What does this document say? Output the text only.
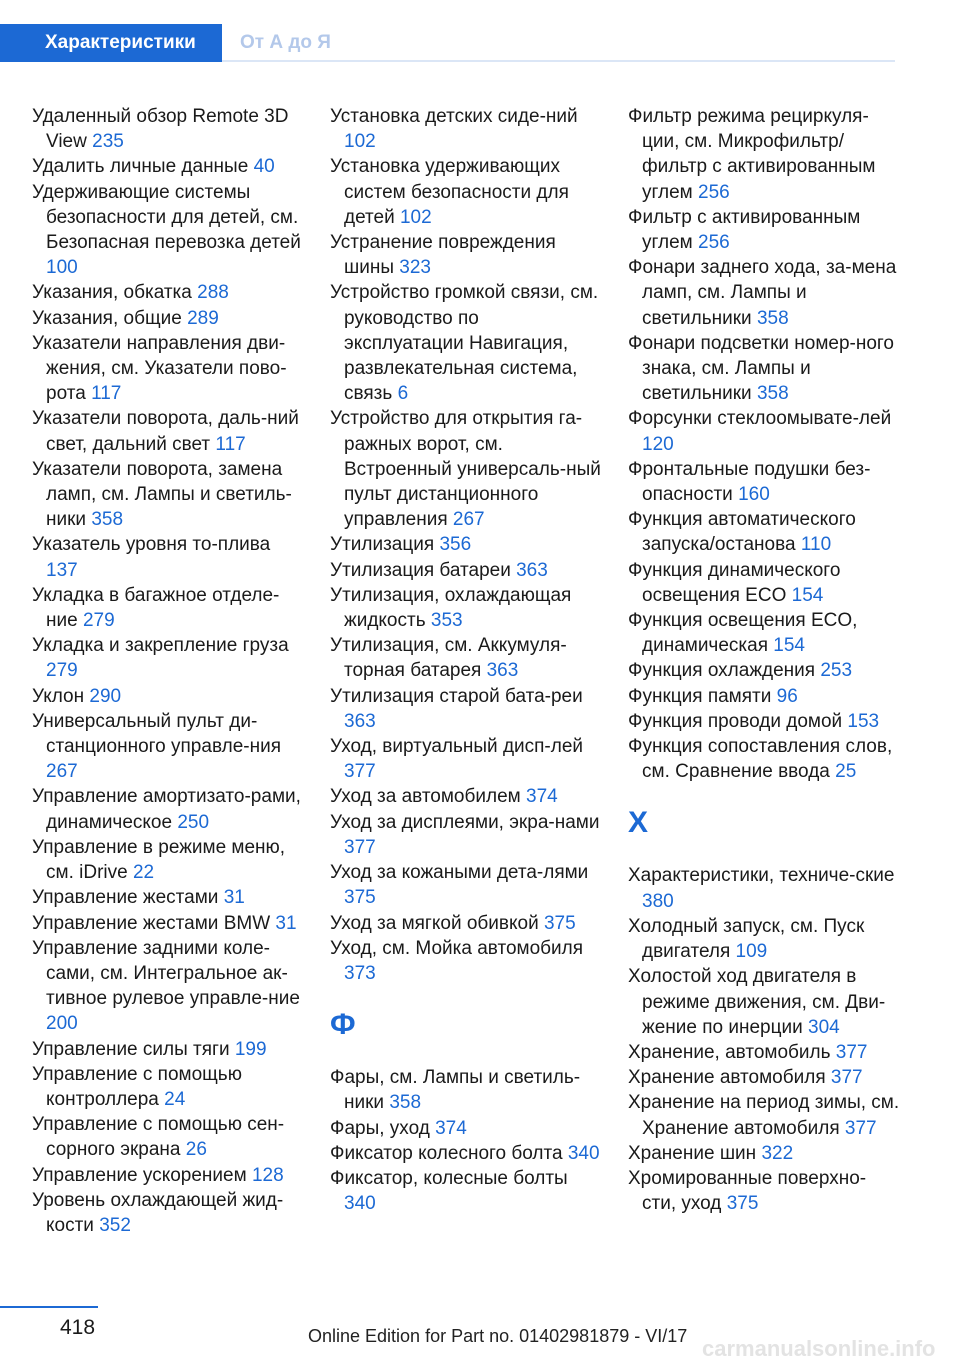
Характеристики	От А до Я

Удаленный обзор Remote 3D View 235

Удалить личные данные 40

Удерживающие системы безопасности для детей, см. Безопасная перевозка детей 100

Указания, обкатка 288

Указания, общие 289

Указатели направления дви-жения, см. Указатели пово-рота 117

Указатели поворота, даль-ний свет, дальний свет 117

Указатели поворота, замена ламп, см. Лампы и светиль-ники 358

Указатель уровня то-плива 137

Укладка в багажное отделе-ние 279

Укладка и закрепление груза 279

Уклон 290

Универсальный пульт ди-станционного управле-ния 267

Управление амортизато-рами, динамическое 250

Управление в режиме меню, см. iDrive 22

Управление жестами 31

Управление жестами BMW 31

Управление задними коле-сами, см. Интегральное ак-тивное рулевое управле-ние 200

Управление силы тяги 199

Управление с помощью контроллера 24

Управление с помощью сен-сорного экрана 26

Управление ускорением 128

Уровень охлаждающей жид-кости 352

Установка детских сиде-ний 102

Установка удерживающих систем безопасности для детей 102

Устранение повреждения шины 323

Устройство громкой связи, см. руководство по эксплуатации Навигация, развлекательная система, связь 6

Устройство для открытия га-ражных ворот, см. Встроенный универсаль-ный пульт дистанционного управления 267

Утилизация 356

Утилизация батареи 363

Утилизация, охлаждающая жидкость 353

Утилизация, см. Аккумуля-торная батарея 363

Утилизация старой бата-реи 363

Уход, виртуальный дисп-лей 377

Уход за автомобилем 374

Уход за дисплеями, экра-нами 377

Уход за кожаными дета-лями 375

Уход за мягкой обивкой 375

Уход, см. Мойка автомобиля 373

Ф

Фары, см. Лампы и светиль-ники 358

Фары, уход 374

Фиксатор колесного болта 340

Фиксатор, колесные болты 340

Фильтр режима рециркуля-ции, см. Микрофильтр/ фильтр с активированным углем 256

Фильтр с активированным углем 256

Фонари заднего хода, за-мена ламп, см. Лампы и светильники 358

Фонари подсветки номер-ного знака, см. Лампы и светильники 358

Форсунки стеклоомывате-лей 120

Фронтальные подушки без-опасности 160

Функция автоматического запуска/останова 110

Функция динамического освещения ECO 154

Функция освещения ECO, динамическая 154

Функция охлаждения 253

Функция памяти 96

Функция проводи домой 153

Функция сопоставления слов, см. Сравнение ввода 25

Х

Характеристики, техниче-ские 380

Холодный запуск, см. Пуск двигателя 109

Холостой ход двигателя в режиме движения, см. Дви-жение по инерции 304

Хранение, автомобиль 377

Хранение автомобиля 377

Хранение на период зимы, см. Хранение автомобиля 377

Хранение шин 322

Хромированные поверхно-сти, уход 375

418	Online Edition for Part no. 01402981879 - VI/17 carmanualsonline.info
